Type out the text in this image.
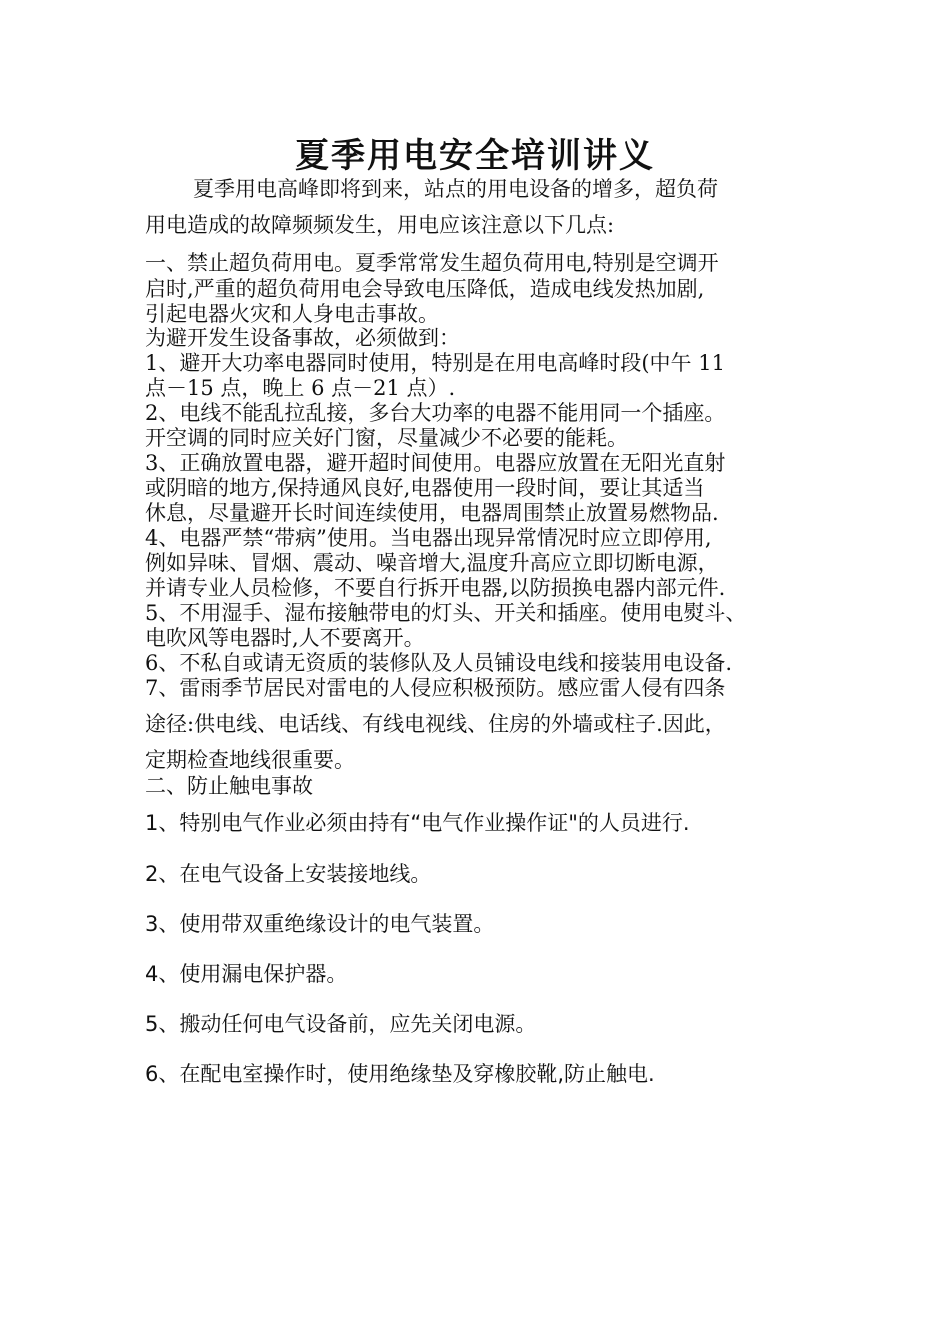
夏季用电安全培训讲义
夏季用电高峰即将到来，站点的用电设备的增多，超负荷
用电造成的故障频频发生，用电应该注意以下几点:
一、禁止超负荷用电。夏季常常发生超负荷用电,特别是空调开
启时,严重的超负荷用电会导致电压降低，造成电线发热加剧,
引起电器火灾和人身电击事故。
为避开发生设备事故，必须做到：
1、避开大功率电器同时使用，特别是在用电高峰时段(中午 11
点－15 点，晚上 6 点－21 点）.
2、电线不能乱拉乱接，多台大功率的电器不能用同一个插座。
开空调的同时应关好门窗，尽量减少不必要的能耗。
3、正确放置电器，避开超时间使用。电器应放置在无阳光直射
或阴暗的地方,保持通风良好,电器使用一段时间，要让其适当
休息，尽量避开长时间连续使用，电器周围禁止放置易燃物品.
4、电器严禁“带病”使用。当电器出现异常情况时应立即停用,
例如异味、冒烟、震动、噪音增大,温度升高应立即切断电源，
并请专业人员检修，不要自行拆开电器,以防损换电器内部元件.
5、不用湿手、湿布接触带电的灯头、开关和插座。使用电熨斗、
电吹风等电器时,人不要离开。
6、不私自或请无资质的装修队及人员铺设电线和接装用电设备.
7、雷雨季节居民对雷电的人侵应积极预防。感应雷人侵有四条
途径:供电线、电话线、有线电视线、住房的外墙或柱子.因此，
定期检查地线很重要。
二、防止触电事故
1、特别电气作业必须由持有“电气作业操作证"的人员进行.
2、在电气设备上安装接地线。
3、使用带双重绝缘设计的电气装置。
4、使用漏电保护器。
5、搬动任何电气设备前，应先关闭电源。
6、在配电室操作时，使用绝缘垫及穿橡胶靴,防止触电.
